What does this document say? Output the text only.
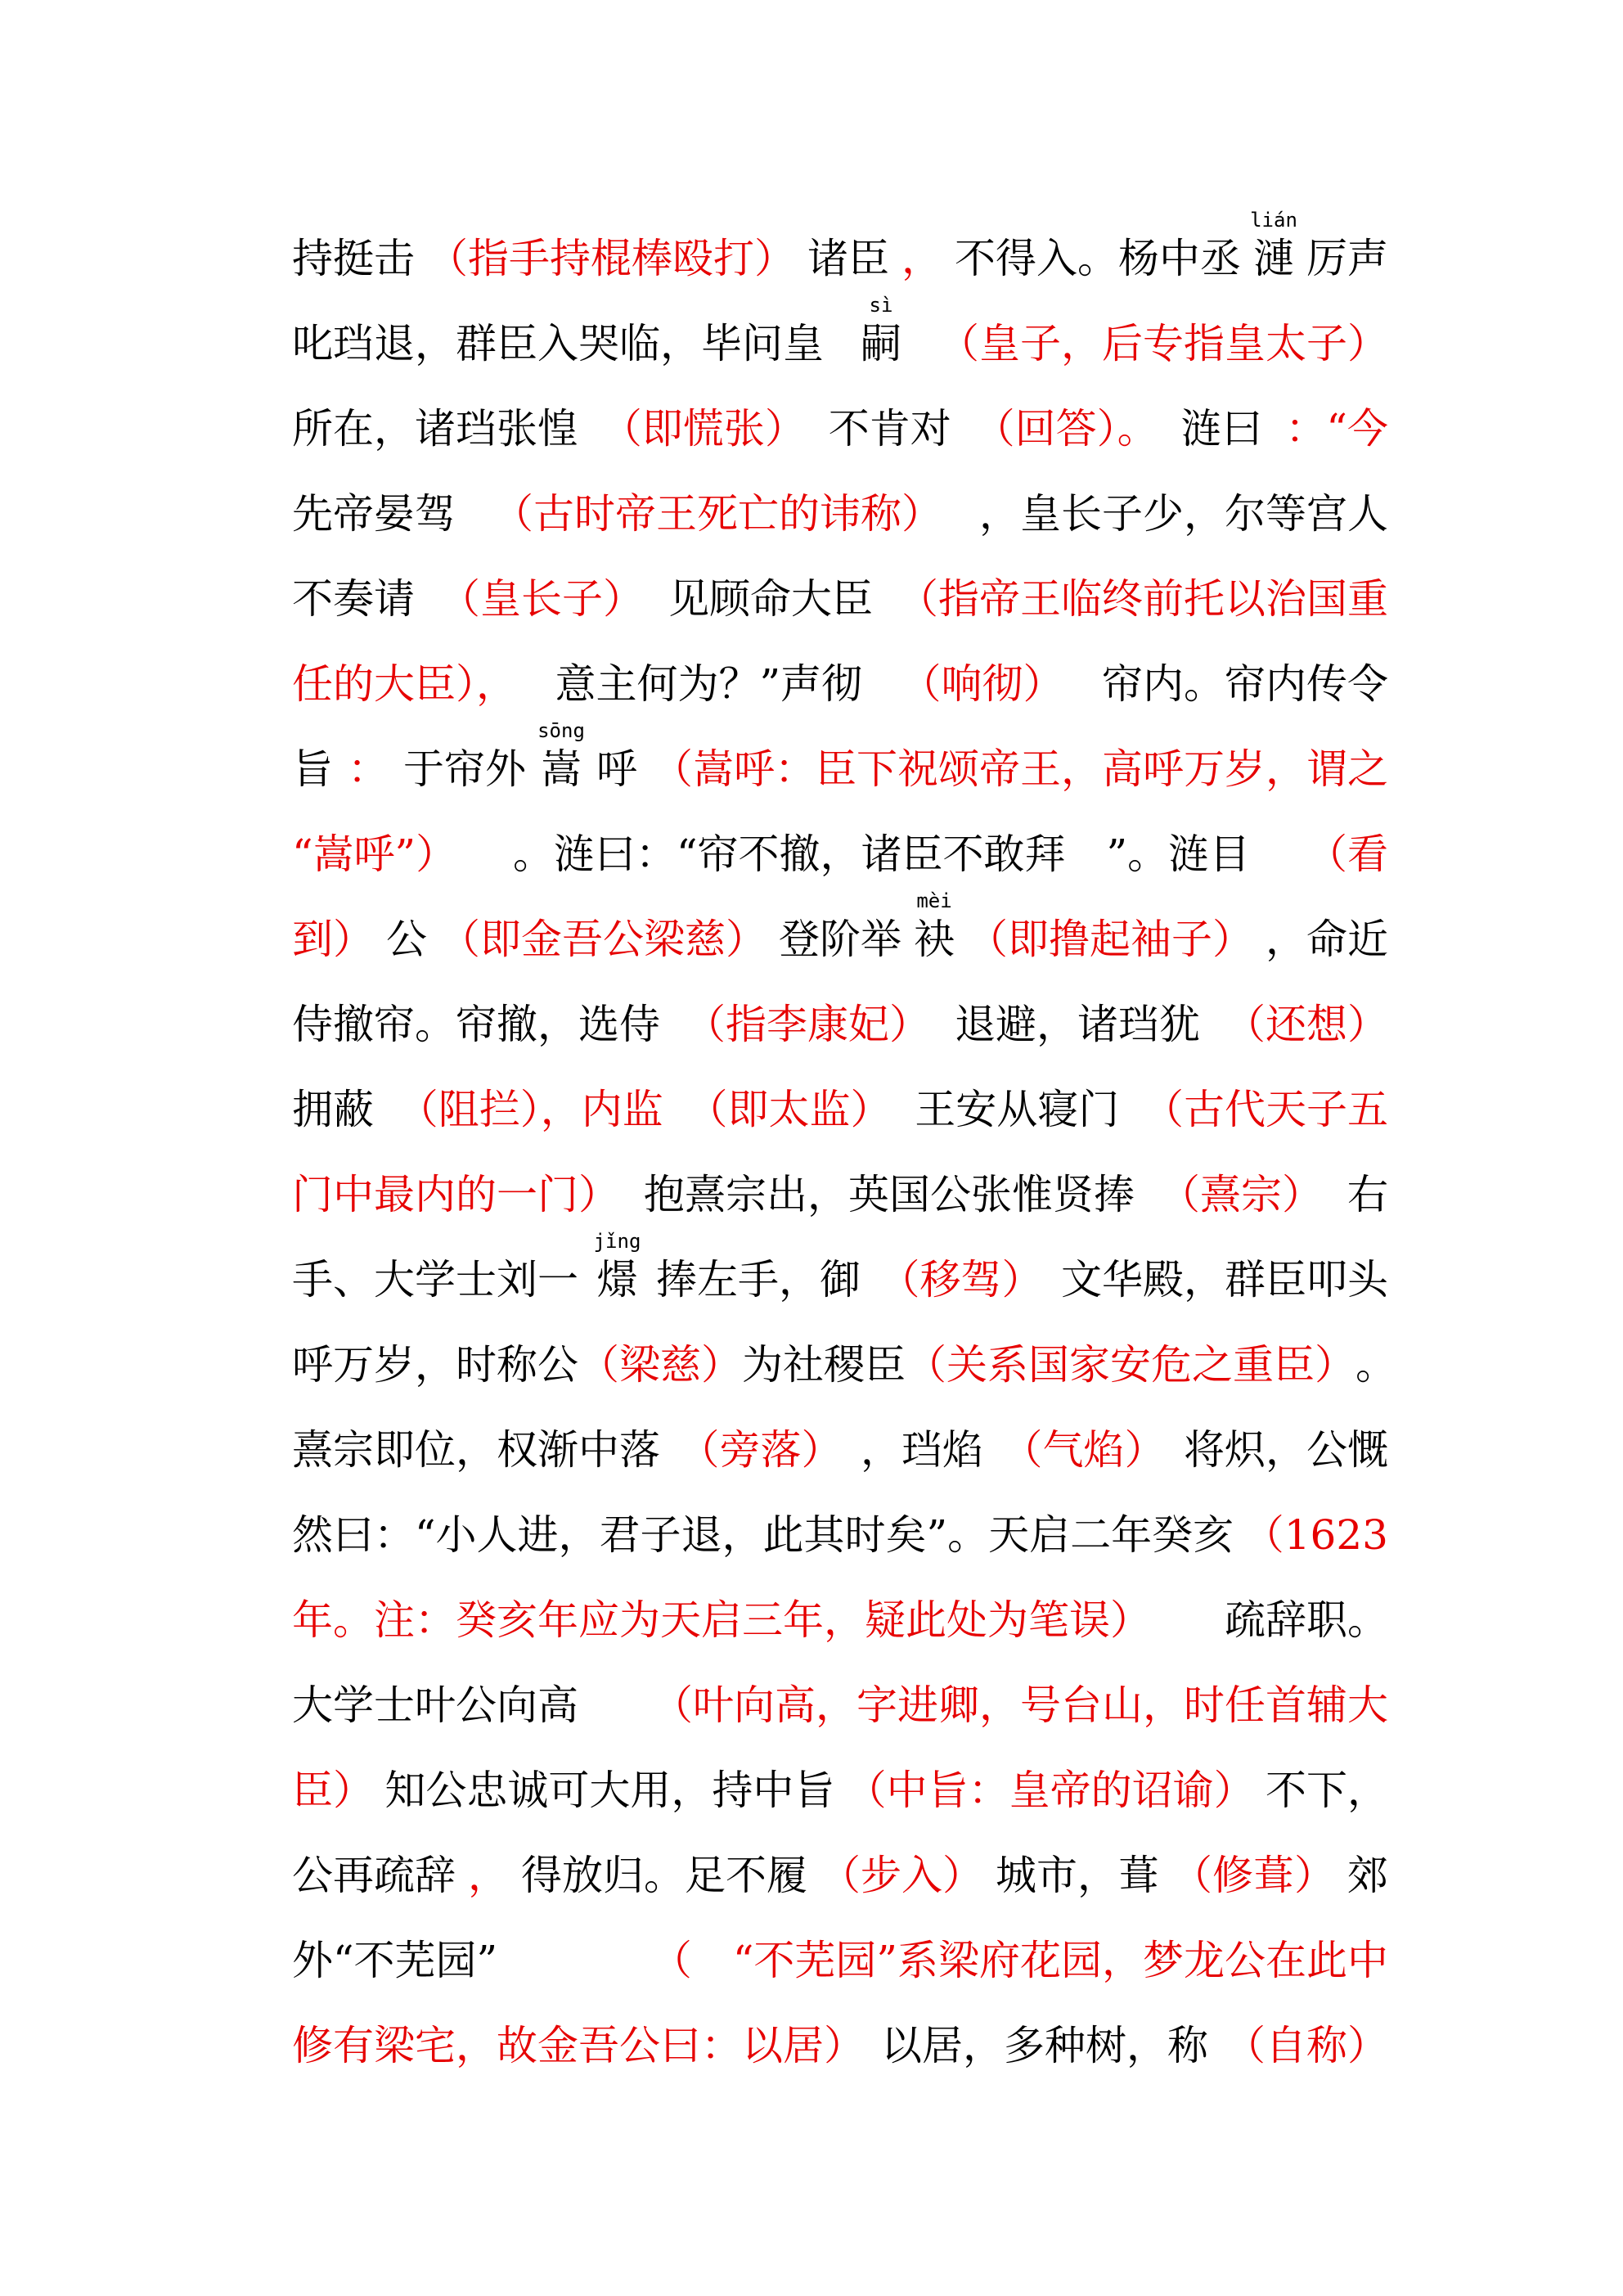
持挺击 （指手持棍棒殴打） 诸臣 ， 不得入。杨中丞
lián
漣 厉声
叱珰退，群臣入哭临，毕问皇
sì
嗣 （皇子，后专指皇太子）
所在，诸珰张惶 （即慌张） 不肯对 （回答）。 涟曰 ：“今
先帝晏驾 （古时帝王死亡的讳称） ，皇长子少，尔等宫人
不奏请 （皇长子） 见顾命大臣 （指帝王临终前托以治国重
任的大臣）， 意主何为？”声彻 （响彻） 帘内。帘内传令
旨 ： 于帘外
sōng
嵩 呼 （嵩呼：臣下祝颂帝王，高呼万岁，谓之
“嵩呼”） 。涟曰：“帘不撤，诸臣不敢拜　”。涟目 （看
到） 公 （即金吾公梁慈） 登阶举
mèi
袂 （即撸起袖子） ，命近
侍撤帘。帘撤，选侍 （指李康妃） 退避，诸珰犹 （还想）
拥蔽 （阻拦），内监 （即太监） 王安从寝门 （古代天子五
门中最内的一门） 抱熹宗出，英国公张惟贤捧 （熹宗） 右
手、大学士刘一
jǐng
燝 捧左手，御 （移驾） 文华殿，群臣叩头
呼万岁，时称公 （梁慈） 为社稷臣 （关系国家安危之重臣） 。
熹宗即位，权渐中落 （旁落） ，珰焰 （气焰） 将炽，公慨
然曰：“小人进，君子退，此其时矣”。天启二年癸亥 （1623
年。注：癸亥年应为天启三年，疑此处为笔误） 疏辞职。
大学士叶公向高 （叶向高，字进卿，号台山，时任首辅大
臣） 知公忠诚可大用，持中旨 （中旨：皇帝的诏谕） 不下，
公再疏辞 ， 得放归。足不履 （步入） 城市，葺 （修葺） 郊
外“不芜园”	（　“不芜园”系梁府花园，梦龙公在此中
修有梁宅，故金吾公曰：以居） 以居，多种树，称 （自称）
